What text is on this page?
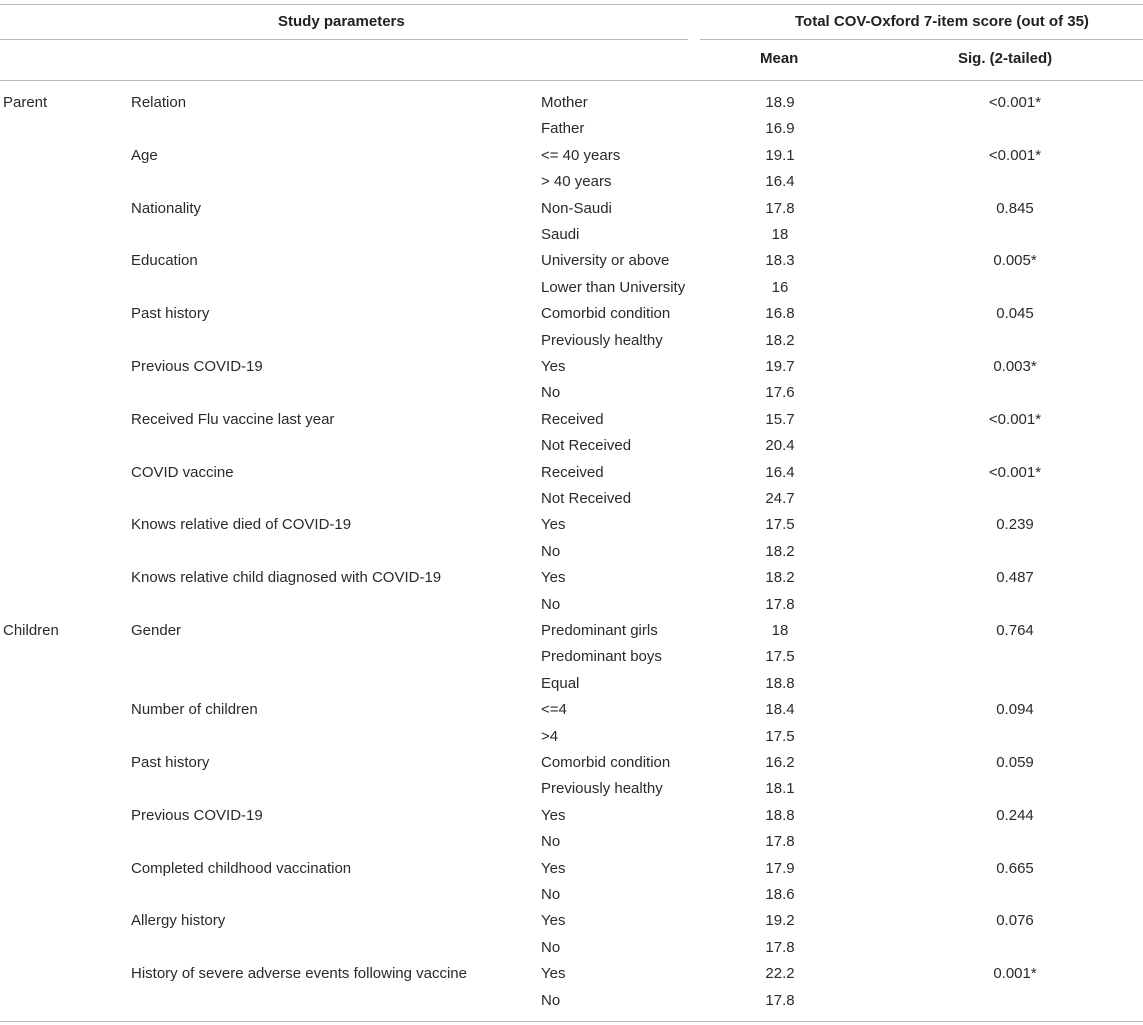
Study parameters	Total COV-Oxford 7-item score (out of 35)
Mean	Sig. (2-tailed)
Parent	Relation	Mother	18.9	<0.001*
Father	16.9
Age	<= 40 years	19.1	<0.001*
> 40 years	16.4
Nationality	Non-Saudi	17.8	0.845
Saudi	18
Education	University or above	18.3	0.005*
Lower than University	16
Past history	Comorbid condition	16.8	0.045
Previously healthy	18.2
Previous COVID-19	Yes	19.7	0.003*
No	17.6
Received Flu vaccine last year	Received	15.7	<0.001*
Not Received	20.4
COVID vaccine	Received	16.4	<0.001*
Not Received	24.7
Knows relative died of COVID-19	Yes	17.5	0.239
No	18.2
Knows relative child diagnosed with COVID-19	Yes	18.2	0.487
No	17.8
Children	Gender	Predominant girls	18	0.764
Predominant boys	17.5
Equal	18.8
Number of children	<=4	18.4	0.094
>4	17.5
Past history	Comorbid condition	16.2	0.059
Previously healthy	18.1
Previous COVID-19	Yes	18.8	0.244
No	17.8
Completed childhood vaccination	Yes	17.9	0.665
No	18.6
Allergy history	Yes	19.2	0.076
No	17.8
History of severe adverse events following vaccine	Yes	22.2	0.001*
No	17.8
